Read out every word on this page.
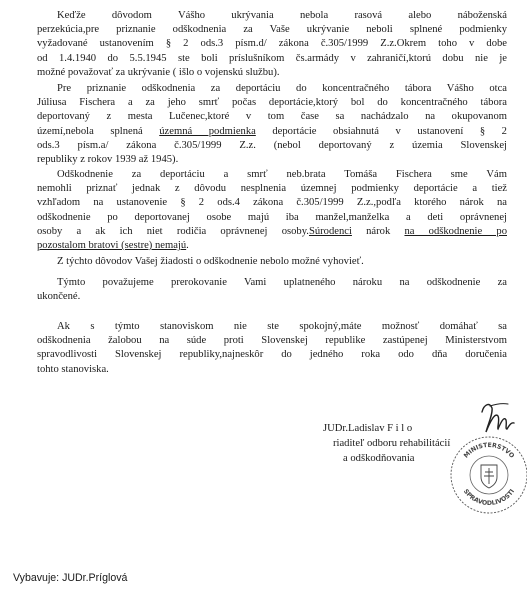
Keďže dôvodom Vášho ukrývania nebola rasová alebo náboženská
perzekúcia,pre priznanie odškodnenia za Vaše ukrývanie neboli splnené podmienky
vyžadované ustanovením § 2 ods.3 písm.d/ zákona č.305/1999 Z.z.Okrem toho v dobe
od 1.4.1940 do 5.5.1945 ste boli príslušníkom čs.armády v zahraničí,ktorú dobu nie je
možné považovať za ukrývanie ( išlo o vojenskú službu).
Pre priznanie odškodnenia za deportáciu do koncentračného tábora Vášho otca
Júliusa Fischera a za jeho smrť počas deportácie,ktorý bol do koncentračného tábora
deportovaný z mesta Lučenec,ktoré v tom čase sa nachádzalo na okupovanom
území,nebola splnená územná podmienka deportácie obsiahnutá v ustanovení § 2
ods.3 písm.a/ zákona č.305/1999 Z.z. (nebol deportovaný z územia Slovenskej
republiky z rokov 1939 až 1945).
Odškodnenie za deportáciu a smrť neb.brata Tomáša Fischera sme Vám
nemohli priznať jednak z dôvodu nesplnenia územnej podmienky deportácie a tiež
vzhľadom na ustanovenie § 2 ods.4 zákona č.305/1999 Z.z.,podľa ktorého nárok na
odškodnenie po deportovanej osobe majú iba manžel,manželka a deti oprávnenej
osoby a ak ich niet rodičia oprávnenej osoby.Súrodenci nárok na odškodnenie po
pozostalom bratovi (sestre) nemajú.
Z týchto dôvodov Vašej žiadosti o odškodnenie nebolo možné vyhovieť.
Týmto považujeme prerokovanie Vami uplatneného nároku na odškodnenie za
ukončené.
Ak s týmto stanoviskom nie ste spokojný,máte možnosť domáhať sa
odškodnenia žalobou na súde proti Slovenskej republike zastúpenej Ministerstvom
spravodlivosti Slovenskej republiky,najneskôr do jedného roka odo dňa doručenia
tohto stanoviska.
JUDr.Ladislav F i l o
riaditeľ odboru rehabilitácií
a odškodňovania	MINISTERSTVO
SPRAVODLIVOSTI
Vybavuje: JUDr.Príglová
